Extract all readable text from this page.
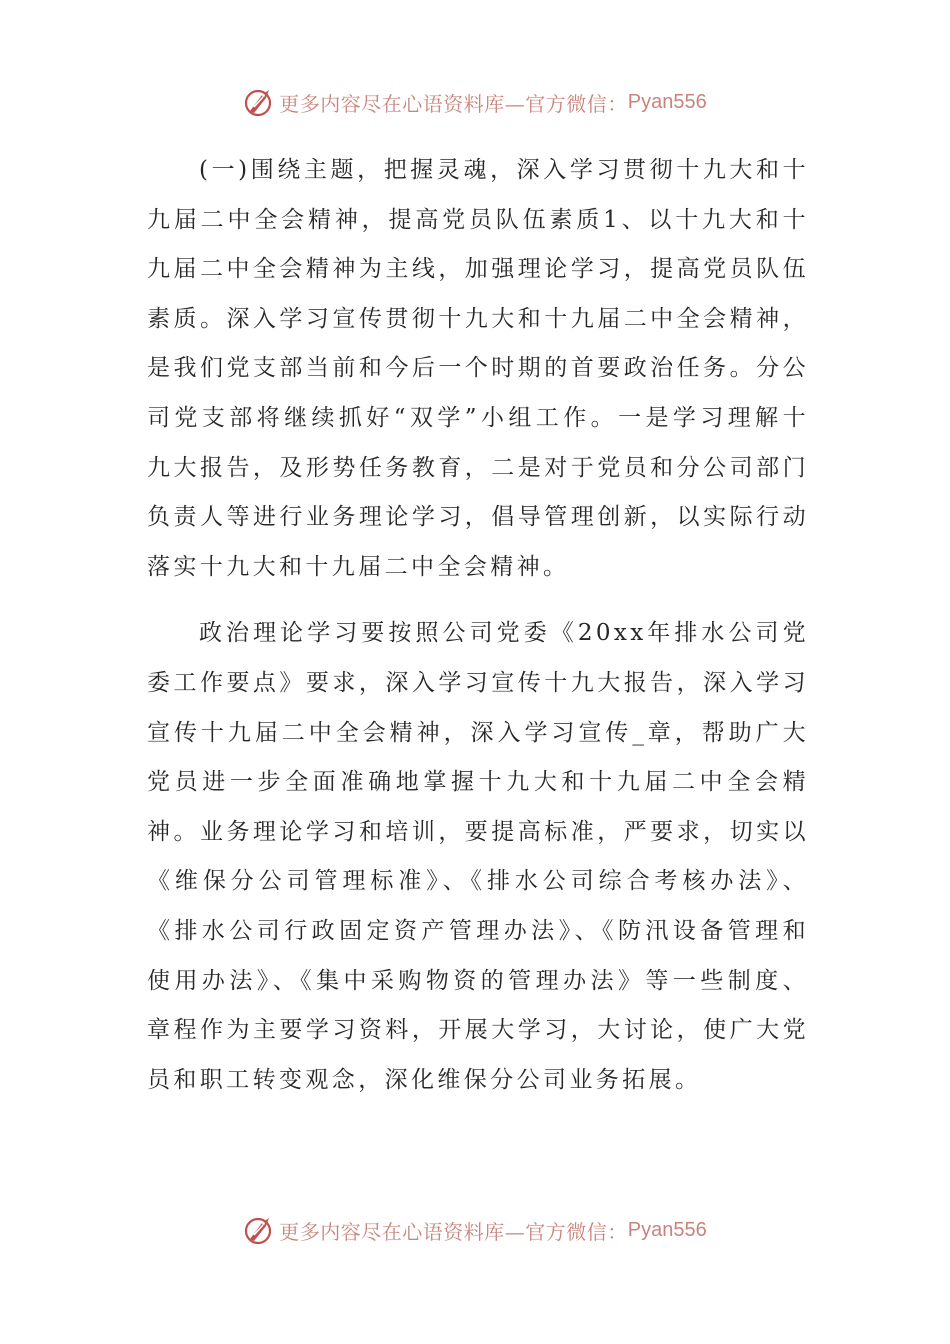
更多内容尽在心语资料库—官方微信： Pyan556

(一)围绕主题，把握灵魂，深入学习贯彻十九大和十九届二中全会精神，提高党员队伍素质1、以十九大和十九届二中全会精神为主线，加强理论学习，提高党员队伍素质。深入学习宣传贯彻十九大和十九届二中全会精神，是我们党支部当前和今后一个时期的首要政治任务。分公司党支部将继续抓好“双学”小组工作。一是学习理解十九大报告，及形势任务教育，二是对于党员和分公司部门负责人等进行业务理论学习，倡导管理创新，以实际行动落实十九大和十九届二中全会精神。

政治理论学习要按照公司党委《20xx年排水公司党委工作要点》要求，深入学习宣传十九大报告，深入学习宣传十九届二中全会精神，深入学习宣传_章，帮助广大党员进一步全面准确地掌握十九大和十九届二中全会精神。业务理论学习和培训，要提高标准，严要求，切实以《维保分公司管理标准》、《排水公司综合考核办法》、《排水公司行政固定资产管理办法》、《防汛设备管理和使用办法》、《集中采购物资的管理办法》等一些制度、章程作为主要学习资料，开展大学习，大讨论，使广大党员和职工转变观念，深化维保分公司业务拓展。

更多内容尽在心语资料库—官方微信： Pyan556
